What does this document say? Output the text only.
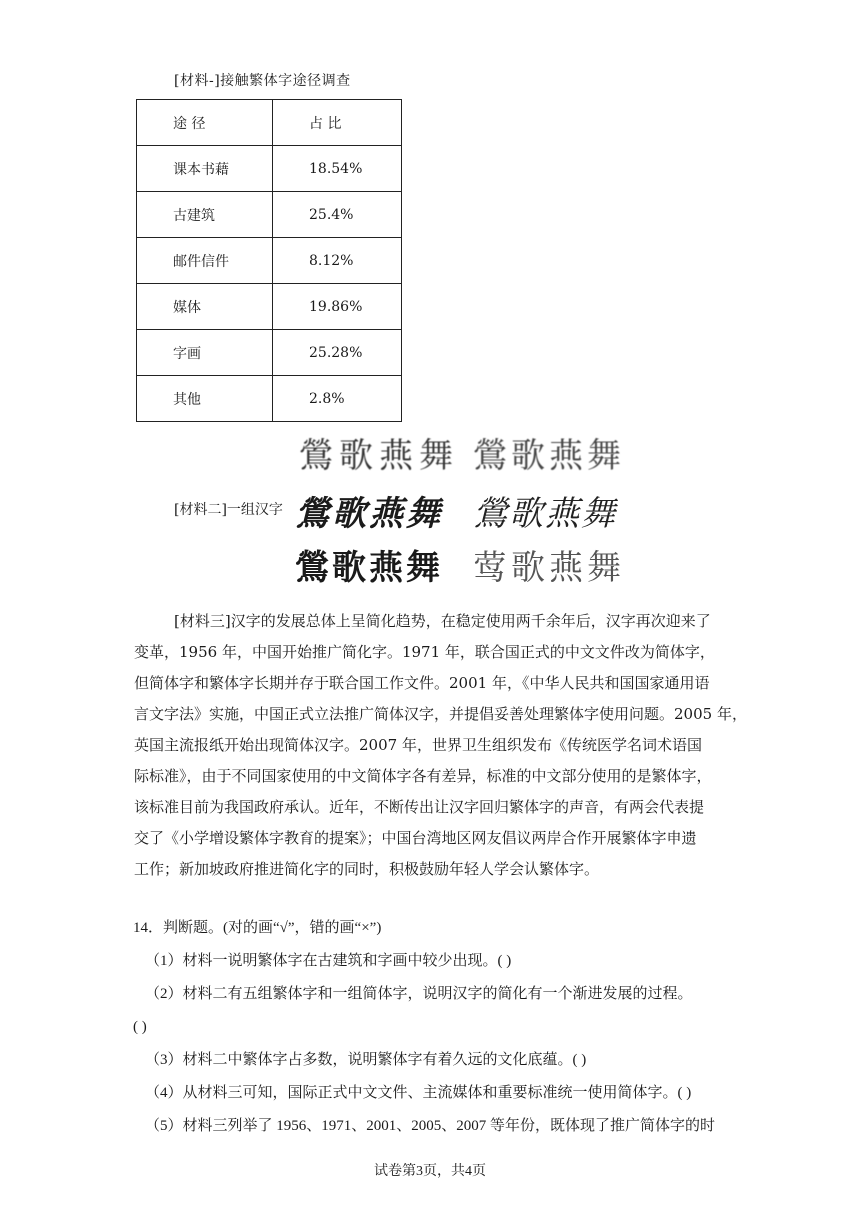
[材料-]接触繁体字途径调查
途 径	占 比
课本书藉	18.54%
古建筑	25.4%
邮件信件	8.12%
媒体	19.86%
字画	25.28%
其他	2.8%
鶯歌燕舞 鶯歌燕舞
鶯歌燕舞 鶯歌燕舞
鶯歌燕舞 莺歌燕舞
[材料二]一组汉字
[材料三]汉字的发展总体上呈简化趋势，在稳定使用两千余年后，汉字再次迎来了
变革，1956 年，中国开始推广简化字。1971 年，联合国正式的中文文件改为简体字，
但简体字和繁体字长期并存于联合国工作文件。2001 年，《中华人民共和国国家通用语
言文字法》实施，中国正式立法推广简体汉字，并提倡妥善处理繁体字使用问题。2005 年，
英国主流报纸开始出现简体汉字。2007 年，世界卫生组织发布《传统医学名词术语国
际标准》，由于不同国家使用的中文简体字各有差异，标准的中文部分使用的是繁体字，
该标准目前为我国政府承认。近年，不断传出让汉字回归繁体字的声音，有两会代表提
交了《小学增设繁体字教育的提案》；中国台湾地区网友倡议两岸合作开展繁体字申遗
工作；新加坡政府推进简化字的同时，积极鼓励年轻人学会认繁体字。
14．判断题。(对的画“√”，错的画“×”)
（1）材料一说明繁体字在古建筑和字画中较少出现。( )
（2）材料二有五组繁体字和一组简体字，说明汉字的简化有一个渐进发展的过程。
( )
（3）材料二中繁体字占多数，说明繁体字有着久远的文化底蕴。( )
（4）从材料三可知，国际正式中文文件、主流媒体和重要标准统一使用简体字。( )
（5）材料三列举了 1956、1971、2001、2005、2007 等年份，既体现了推广简体字的时
试卷第3页，共4页
